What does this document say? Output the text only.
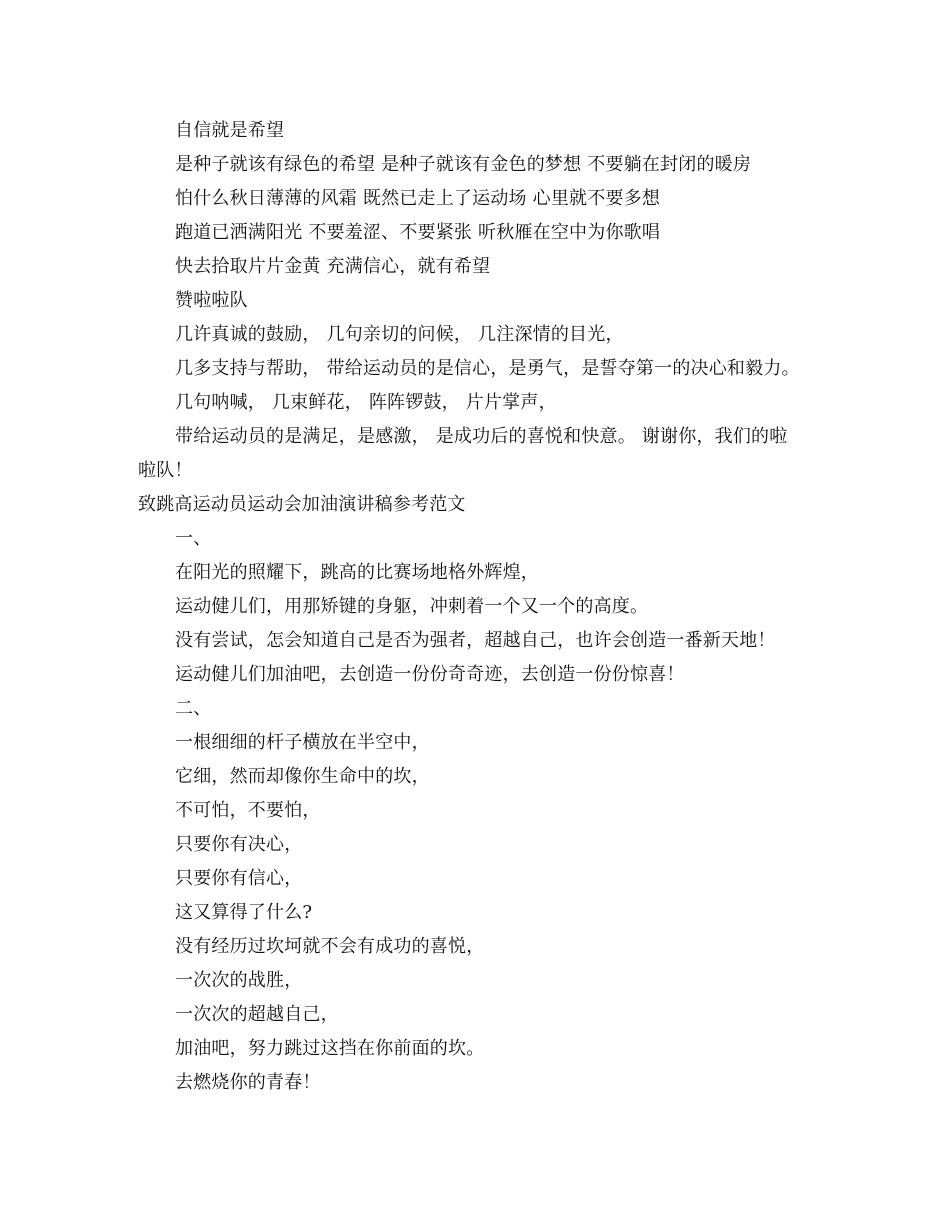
自信就是希望
是种子就该有绿色的希望 是种子就该有金色的梦想 不要躺在封闭的暖房
怕什么秋日薄薄的风霜 既然已走上了运动场 心里就不要多想
跑道已洒满阳光 不要羞涩、不要紧张 听秋雁在空中为你歌唱
快去拾取片片金黄 充满信心，就有希望
赞啦啦队
几许真诚的鼓励， 几句亲切的问候， 几注深情的目光，
几多支持与帮助， 带给运动员的是信心，是勇气，是誓夺第一的决心和毅力。
几句呐喊， 几束鲜花， 阵阵锣鼓， 片片掌声，
带给运动员的是满足，是感激， 是成功后的喜悦和快意。 谢谢你，我们的啦
啦队！
致跳高运动员运动会加油演讲稿参考范文
一、
在阳光的照耀下，跳高的比赛场地格外辉煌，
运动健儿们，用那矫键的身躯，冲刺着一个又一个的高度。
没有尝试，怎会知道自己是否为强者，超越自己，也许会创造一番新天地！
运动健儿们加油吧，去创造一份份奇奇迹，去创造一份份惊喜！
二、
一根细细的杆子横放在半空中，
它细，然而却像你生命中的坎，
不可怕，不要怕，
只要你有决心，
只要你有信心，
这又算得了什么?
没有经历过坎坷就不会有成功的喜悦，
一次次的战胜，
一次次的超越自己，
加油吧，努力跳过这挡在你前面的坎。
去燃烧你的青春！
